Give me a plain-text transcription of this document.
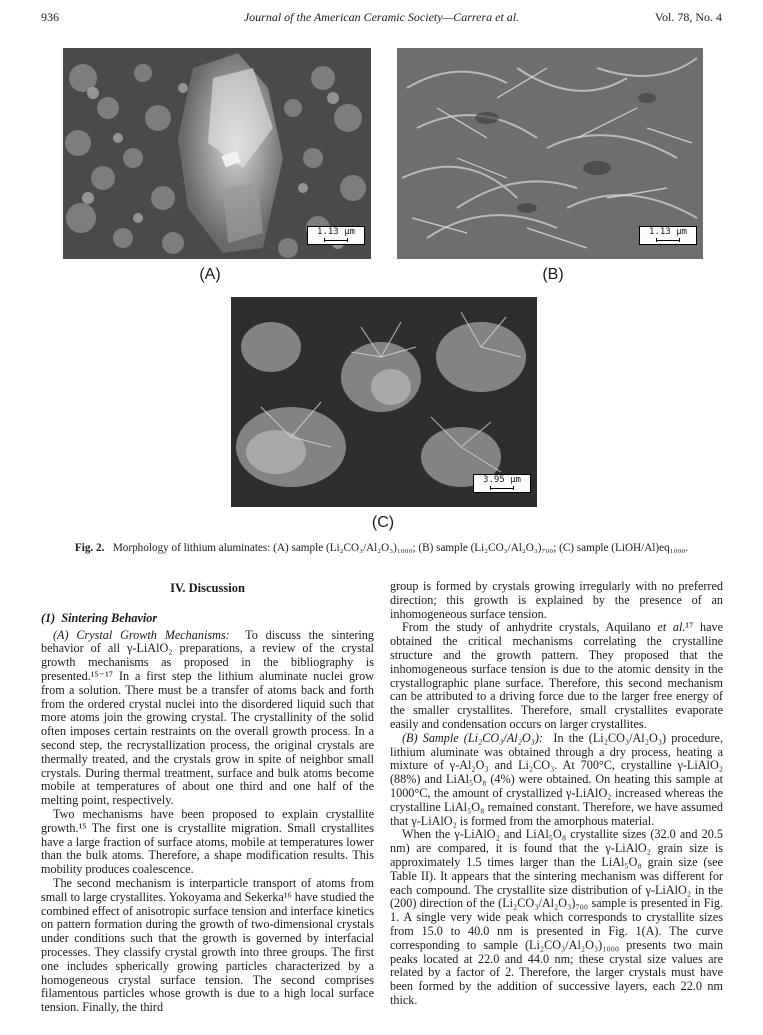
936	Journal of the American Ceramic Society—Carrera et al.	Vol. 78, No. 4
1.13 µm
(A)
1.13 µm
(B)
3.95 µm
(C)
Fig. 2. Morphology of lithium aluminates: (A) sample (Li₂CO₃/Al₂O₃)₁₀₀₀; (B) sample (Li₂CO₃/Al₂O₃)₇₀₀; (C) sample (LiOH/Al)eq₁₀₀₀.
IV. Discussion
(1) Sintering Behavior

(A) Crystal Growth Mechanisms: To discuss the sintering behavior of all γ-LiAlO₂ preparations, a review of the crystal growth mechanisms as proposed in the bibliography is presented.¹⁵⁻¹⁷ In a first step the lithium aluminate nuclei grow from a solution. There must be a transfer of atoms back and forth from the ordered crystal nuclei into the disordered liquid such that more atoms join the growing crystal. The crystallinity of the solid often imposes certain restraints on the overall growth process. In a second step, the recrystallization process, the original crystals are thermally treated, and the crystals grow in spite of neighbor small crystals. During thermal treatment, surface and bulk atoms become mobile at temperatures of about one third and one half of the melting point, respectively.

Two mechanisms have been proposed to explain crystallite growth.¹⁵ The first one is crystallite migration. Small crystallites have a large fraction of surface atoms, mobile at temperatures lower than the bulk atoms. Therefore, a shape modification results. This mobility produces coalescence.

The second mechanism is interparticle transport of atoms from small to large crystallites. Yokoyama and Sekerka¹⁶ have studied the combined effect of anisotropic surface tension and interface kinetics on pattern formation during the growth of two-dimensional crystals under conditions such that the growth is governed by interfacial processes. They classify crystal growth into three groups. The first one includes spherically growing particles characterized by a homogeneous crystal surface tension. The second comprises filamentous particles whose growth is due to a high local surface tension. Finally, the third

group is formed by crystals growing irregularly with no preferred direction; this growth is explained by the presence of an inhomogeneous surface tension.

From the study of anhydrite crystals, Aquilano et al.¹⁷ have obtained the critical mechanisms correlating the crystalline structure and the growth pattern. They proposed that the inhomogeneous surface tension is due to the atomic density in the crystallographic plane surface. Therefore, this second mechanism can be attributed to a driving force due to the larger free energy of the smaller crystallites. Therefore, small crystallites evaporate easily and condensation occurs on larger crystallites.

(B) Sample (Li₂CO₃/Al₂O₃): In the (Li₂CO₃/Al₂O₃) procedure, lithium aluminate was obtained through a dry process, heating a mixture of γ-Al₂O₃ and Li₂CO₃. At 700°C, crystalline γ-LiAlO₂ (88%) and LiAl₅O₈ (4%) were obtained. On heating this sample at 1000°C, the amount of crystallized γ-LiAlO₂ increased whereas the crystalline LiAl₅O₈ remained constant. Therefore, we have assumed that γ-LiAlO₂ is formed from the amorphous material.

When the γ-LiAlO₂ and LiAl₅O₈ crystallite sizes (32.0 and 20.5 nm) are compared, it is found that the γ-LiAlO₂ grain size is approximately 1.5 times larger than the LiAl₅O₈ grain size (see Table II). It appears that the sintering mechanism was different for each compound. The crystallite size distribution of γ-LiAlO₂ in the (200) direction of the (Li₂CO₃/Al₂O₃)₇₀₀ sample is presented in Fig. 1. A single very wide peak which corresponds to crystallite sizes from 15.0 to 40.0 nm is presented in Fig. 1(A). The curve corresponding to sample (Li₂CO₃/Al₂O₃)₁₀₀₀ presents two main peaks located at 22.0 and 44.0 nm; these crystal size values are related by a factor of 2. Therefore, the larger crystals must have been formed by the addition of successive layers, each 22.0 nm thick.
